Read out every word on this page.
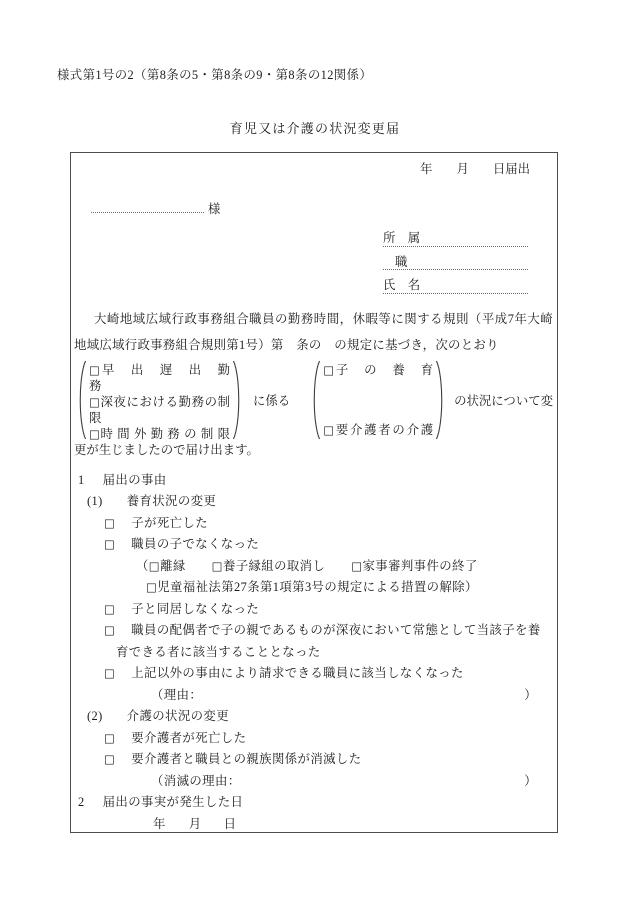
様式第1号の2（第8条の5・第8条の9・第8条の12関係）
育児又は介護の状況変更届
年 月 日届出
様
所　属
職
氏　名

大崎地域広域行政事務組合職員の勤務時間，休暇等に関する規則（平成7年大崎地域広域行政事務組合規則第1号）第　条の　の規定に基づき，次のとおり

□早　出　遅　出　勤　務
□深夜における勤務の制限
□時 間 外 勤 務 の 制 限
に係る
□子　の　養　育
□要介護者の介護
の状況について変
更が生じましたので届け出ます。
1 届出の事由
(1) 養育状況の変更
□ 子が死亡した
□ 職員の子でなくなった
（□離縁 □養子縁組の取消し □家事審判事件の終了
□児童福祉法第27条第1項第3号の規定による措置の解除）
□ 子と同居しなくなった
□ 職員の配偶者で子の親であるものが深夜において常態として当該子を養育できる者に該当することとなった
□ 上記以外の事由により請求できる職員に該当しなくなった
（理由：	）
(2) 介護の状況の変更
□ 要介護者が死亡した
□ 要介護者と職員との親族関係が消滅した
（消滅の理由：	）
2 届出の事実が発生した日
年 月 日
